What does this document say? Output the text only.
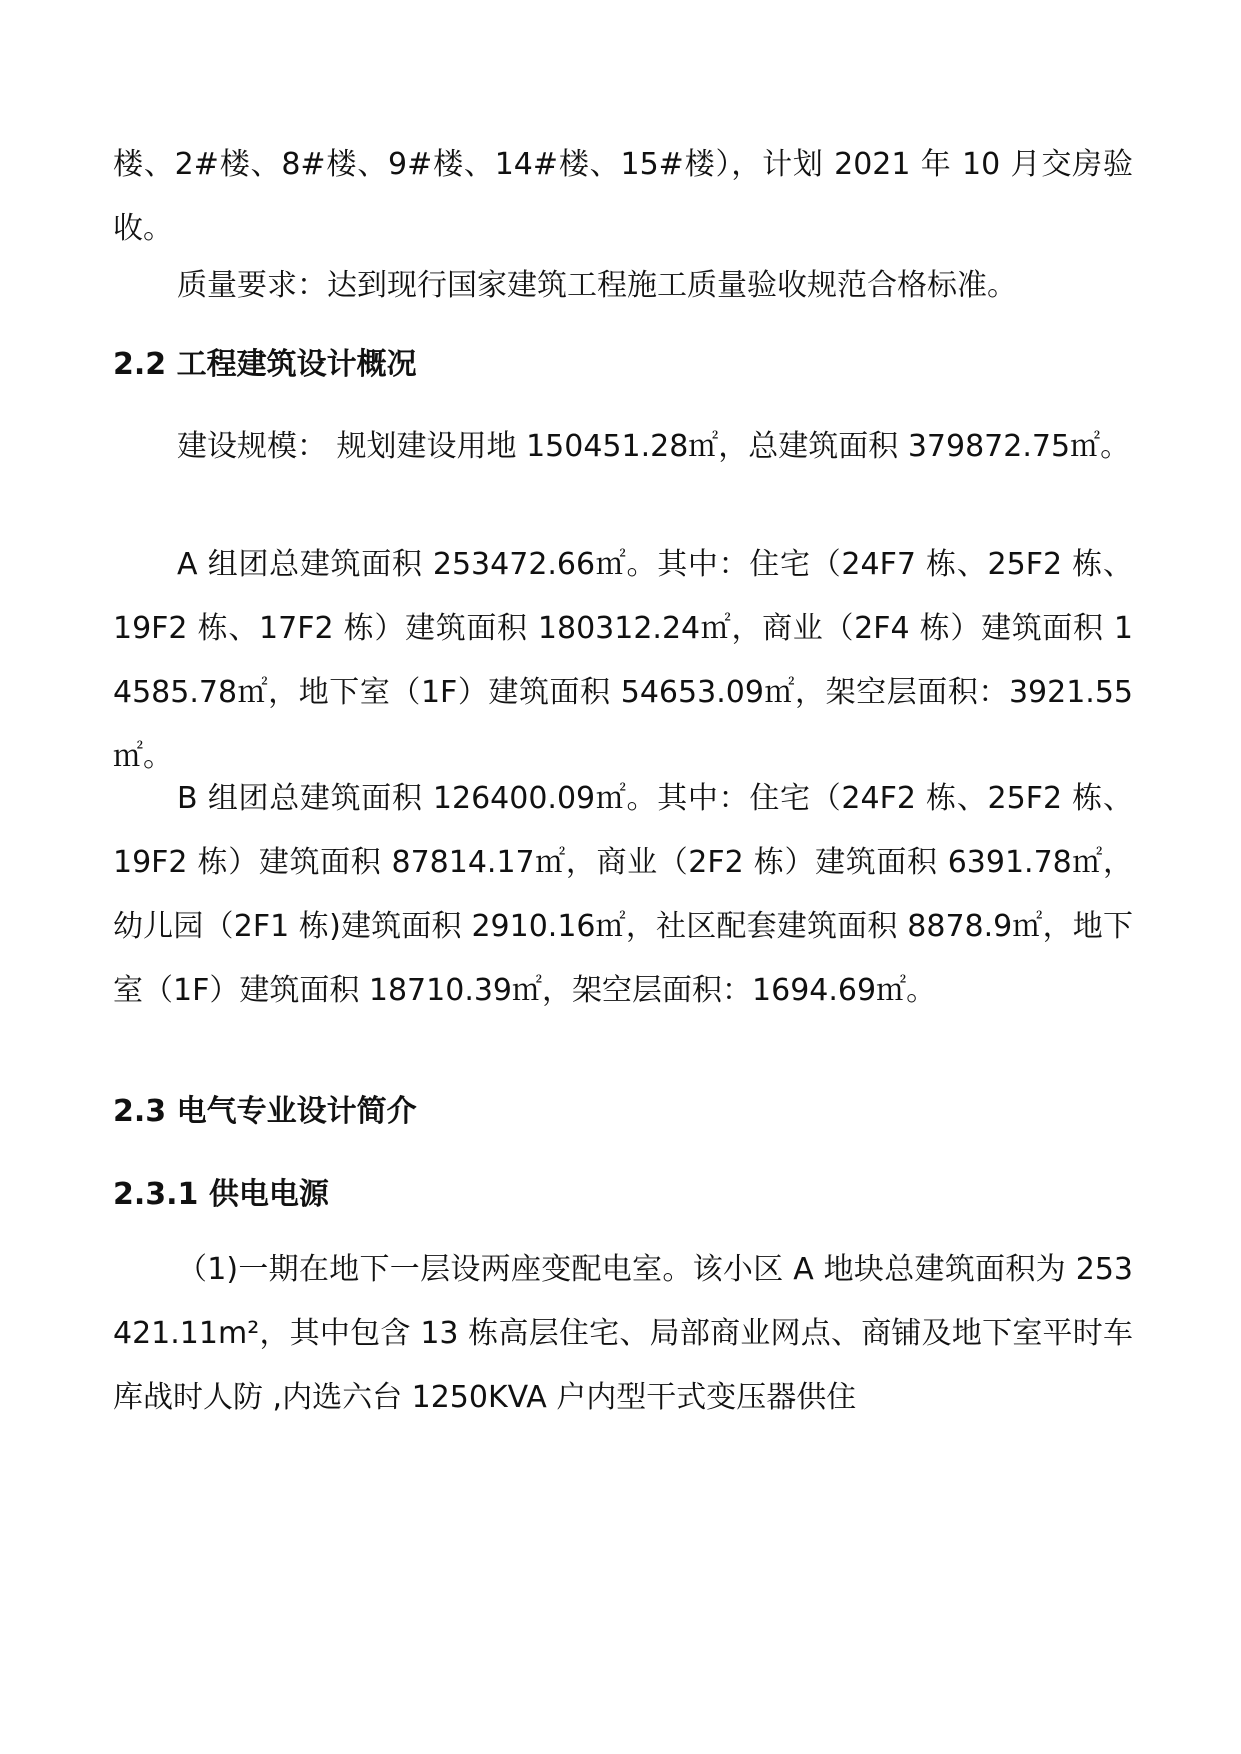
楼、2#楼、8#楼、9#楼、14#楼、15#楼），计划 2021 年 10 月交房验收。

质量要求：达到现行国家建筑工程施工质量验收规范合格标准。

2.2 工程建筑设计概况

建设规模： 规划建设用地 150451.28㎡，总建筑面积 379872.75㎡。

A 组团总建筑面积 253472.66㎡。其中：住宅（24F7 栋、25F2 栋、19F2 栋、17F2 栋）建筑面积 180312.24㎡，商业（2F4 栋）建筑面积 14585.78㎡，地下室（1F）建筑面积 54653.09㎡，架空层面积：3921.55㎡。

B 组团总建筑面积 126400.09㎡。其中：住宅（24F2 栋、25F2 栋、19F2 栋）建筑面积 87814.17㎡，商业（2F2 栋）建筑面积 6391.78㎡，幼儿园（2F1 栋)建筑面积 2910.16㎡，社区配套建筑面积 8878.9㎡，地下室（1F）建筑面积 18710.39㎡，架空层面积：1694.69㎡。

2.3 电气专业设计简介
2.3.1 供电电源

（1)一期在地下一层设两座变配电室。该小区 A 地块总建筑面积为 253421.11m²，其中包含 13 栋高层住宅、局部商业网点、商铺及地下室平时车库战时人防 ,内选六台 1250KVA 户内型干式变压器供住
